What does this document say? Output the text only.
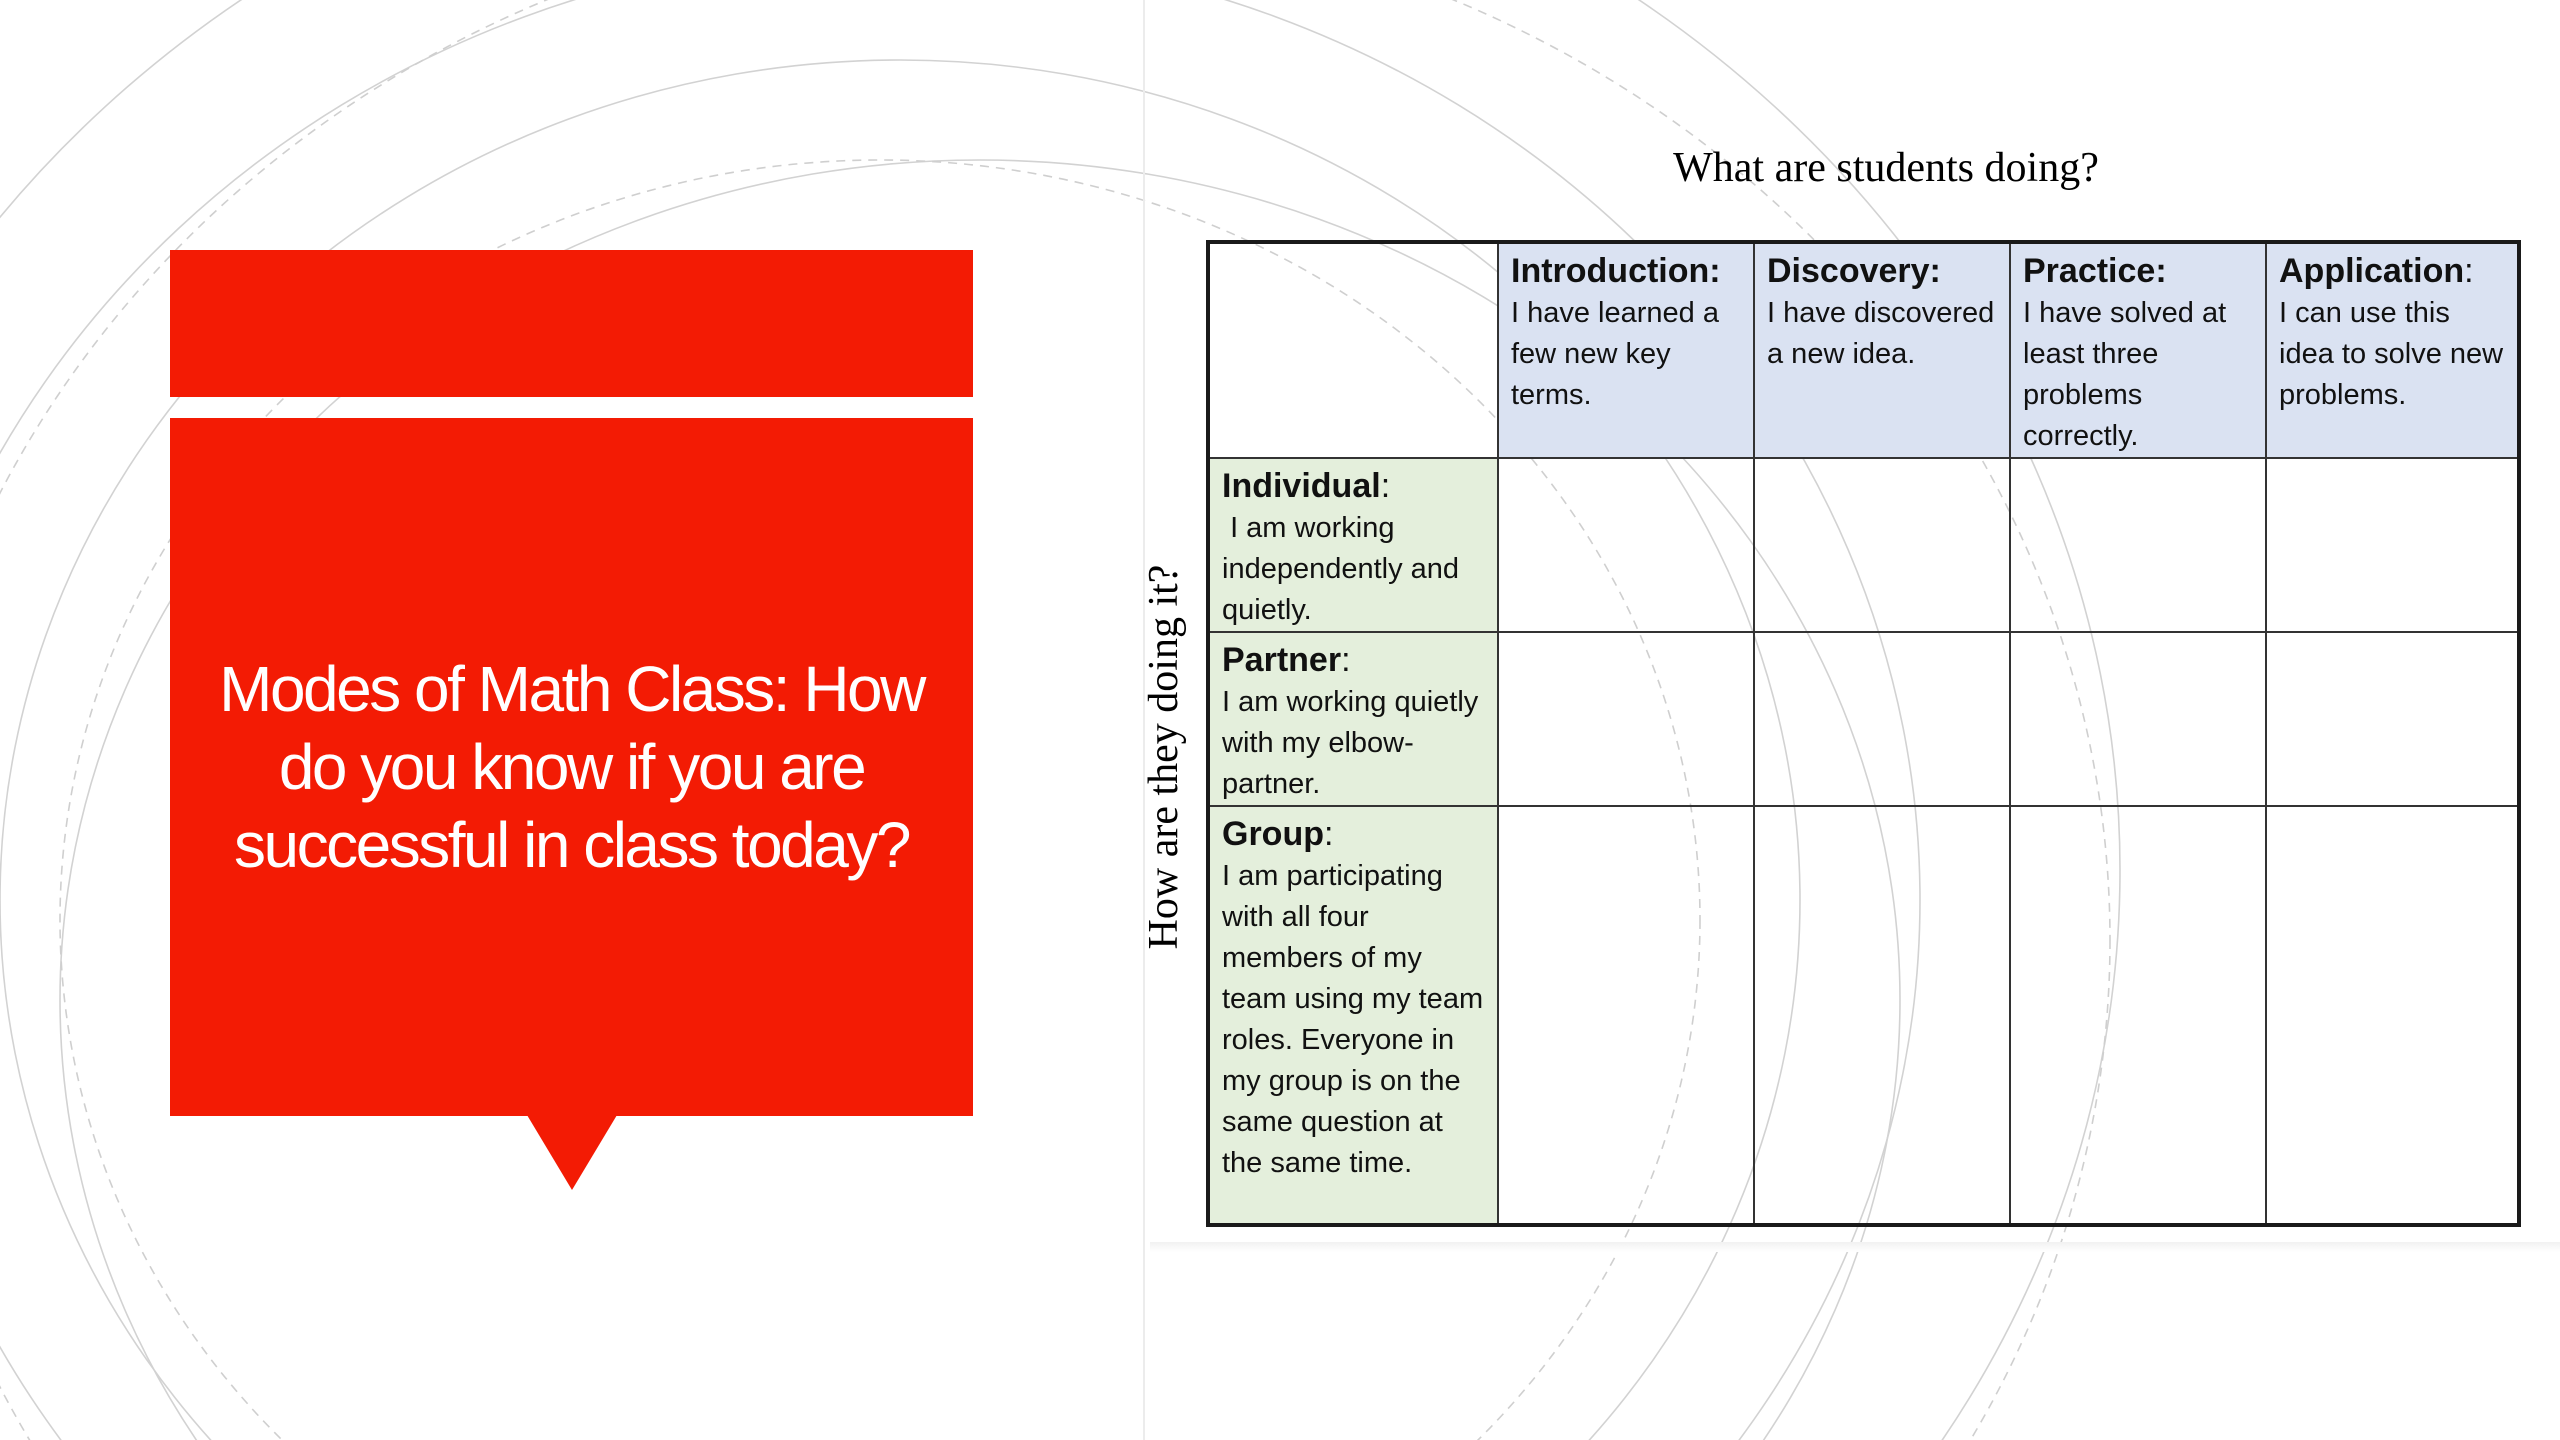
Modes of Math Class: How do you know if you are successful in class today?
What are students doing?
How are they doing it?
Introduction:
I have learned a few new key terms.
Discovery:
I have discovered a new idea.
Practice:
I have solved at least three problems correctly.
Application:
I can use this idea to solve new problems.
Individual:
I am working independently and quietly.
Partner:
I am working quietly with my elbow-partner.
Group:
I am participating with all four members of my team using my team roles. Everyone in my group is on the same question at the same time.
